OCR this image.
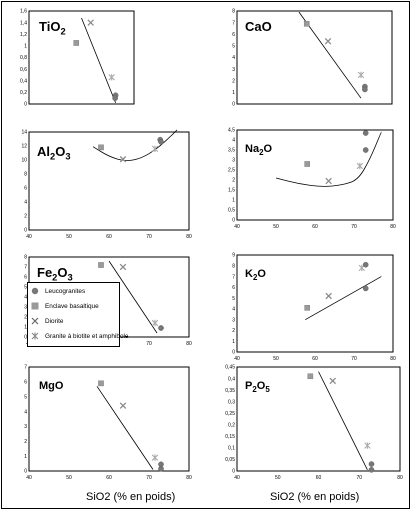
0
0,2
0,4
0,6
0,8
1
1,2
1,4
1,6
TiO$_2$
0
1
2
3
4
5
6
7
8
CaO
0
2
4
6
8
10
12
14
40	50	60	70	80
$Al_2O_3$
0
0,5
1
1,5
2
2,5
3
3,5
4
4,5
40	50	60	70	80
$Na_2O$
0
1
2
3
4
5
6
7
8
70	80
$Fe_2O_3$
0
1
2
3
4
5
6
7
8
9
40	50	60	70	80
$K_2O$
0
1
2
3
4
5
6
7
40	50	60	70	80
MgO
0
0,05
0,1
0,15
0,2
0,25
0,3
0,35
0,4
0,45
40	50	60	70	80
$P_2O_5$
Leucogranites
Enclave basaltique
Diorite
Granite à biotite et amphibole
SiO2 (% en poids)	SiO2 (% en poids)
